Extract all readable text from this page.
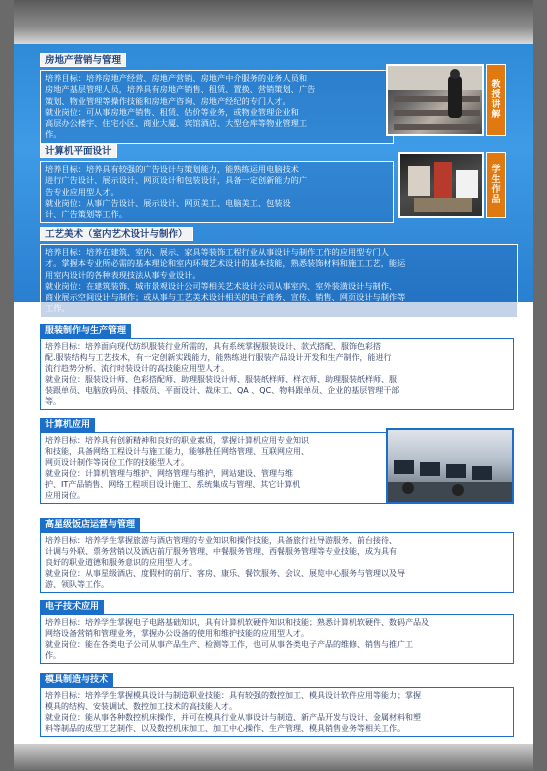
房地产营销与管理

培养目标：培养房地产经营、房地产营销、房地产中介服务的业务人员和

房地产基层管理人员，培养具有房地产销售、租赁、置换、营销策划、广告

策划、物业管理等操作技能和房地产咨询、房地产经纪的专门人才。

就业岗位：可从事房地产销售、租赁、估价等业务，或物业管理企业和

高层办公楼宇、住宅小区、商业大厦、宾馆酒店、大型仓库等物业管理工

作。

教
授
讲
解
计算机平面设计

培养目标：培养具有较强的广告设计与策划能力，能熟练运用电脑技术

进行广告设计、展示设计、网页设计和包装设计，具备一定创新能力的广

告专业应用型人才。

就业岗位：从事广告设计、展示设计、网页美工、电脑美工、包装设

计、广告策划等工作。

学
生
作
品
工艺美术（室内艺术设计与制作）

培养目标：培养在建筑、室内、展示、家具等装饰工程行业从事设计与制作工作的应用型专门人

才。掌握本专业所必需的基本理论和室内环境艺术设计的基本技能，熟悉装饰材料和施工工艺，能运

用室内设计的各种表现技法从事专业设计。

就业岗位：在建筑装饰、城市景观设计公司等相关艺术设计公司从事室内、室外装潢设计与制作、

商业展示空间设计与制作；或从事与工艺美术设计相关的电子商务、宣传、销售、网页设计与制作等

工作。

服装制作与生产管理

培养目标：培养面向现代纺织服装行业所需的，具有系统掌握服装设计、款式搭配、服饰色彩搭

配.服装结构与工艺技术，有一定创新实践能力，能熟练进行服装产品设计开发和生产制作，能进行

流行趋势分析、流行时装设计的高技能应用型人才。

就业岗位：服装设计师、色彩搭配师、助理服装设计师、服装纸样师、样衣师、助理服装纸样师、服

装跟单员、电脑放码员、排版员、平面设计、裁床工、QA 、QC、物料跟单员、企业的基层管理干部

等。

计算机应用

培养目标：培养具有创新精神和良好的职业素质，掌握计算机应用专业知识

和技能，具备网络工程设计与施工能力，能够胜任网络管理、互联网应用、

网页设计制作等岗位工作的技能型人才。

就业岗位：计算机管理与维护、网络管理与维护，网站建设、管理与维

护、IT产品销售、网络工程项目设计施工、系统集成与管理、其它计算机

应用岗位。

高星级饭店运营与管理

培养目标：培养学生掌握旅游与酒店管理的专业知识和操作技能，具备旅行社导游服务、前台接待、

计调与外联、票务营销以及酒店前厅服务管理、中餐服务管理、西餐服务管理等专业技能，成为具有

良好的职业道德和服务意识的应用型人才。

就业岗位：从事星级酒店、度假村的前厅、客房、康乐、餐饮服务、会议、展览中心服务与管理以及导

游、领队等工作。

电子技术应用

培养目标：培养学生掌握电子电路基础知识，具有计算机软硬件知识和技能；熟悉计算机软硬件、数码产品及

网络设备营销和管理业务，掌握办公设备的使用和维护技能的应用型人才。

就业岗位：能在各类电子公司从事产品生产、检测等工作，也可从事各类电子产品的维修、销售与推广工

作。

模具制造与技术

培养目标：培养学生掌握模具设计与制造职业技能：具有较强的数控加工、模具设计软件应用等能力；掌握

模具的结构、安装调试、数控加工技术的高技能人才。

就业岗位：能从事各种数控机床操作，并可在模具行业从事设计与制造、新产品开发与设计、金属材料和塑

料等制品的成型工艺制作、以及数控机床加工、加工中心操作、生产管理、模具销售业务等相关工作。
